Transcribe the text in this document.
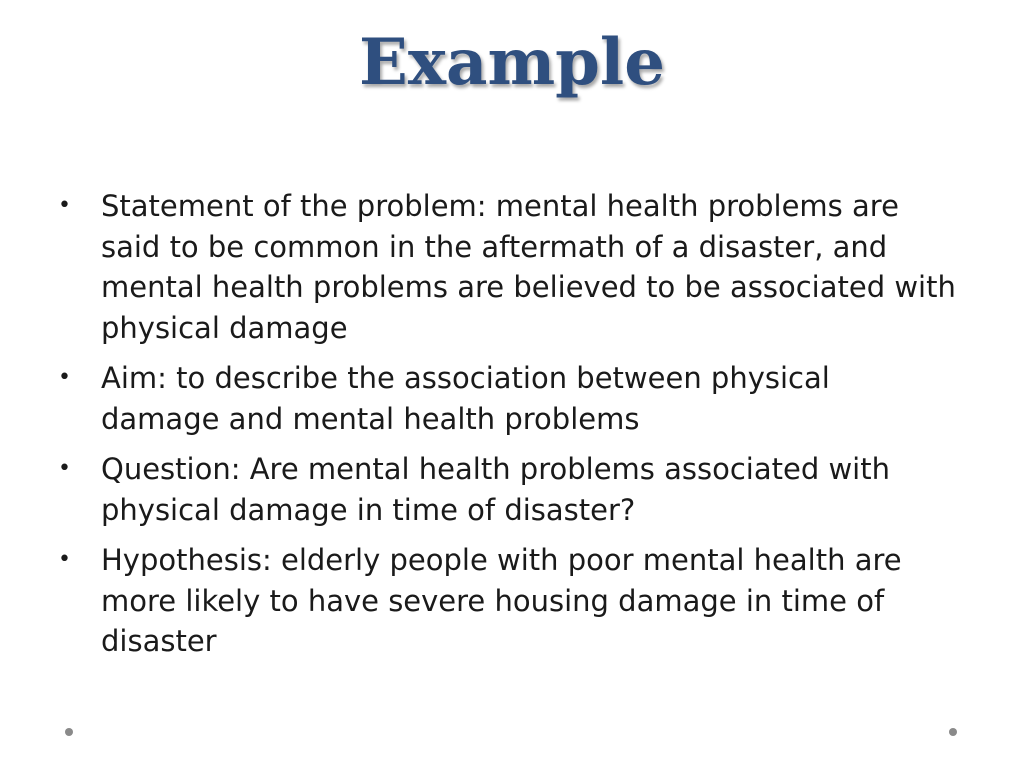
Example
• Statement of the problem: mental health problems are said to be common in the aftermath of a disaster, and mental health problems are believed to be associated with physical damage
• Aim: to describe the association between physical damage and mental health problems
• Question: Are mental health problems associated with physical damage in time of disaster?
• Hypothesis: elderly people with poor mental health are more likely to have severe housing damage in time of disaster
